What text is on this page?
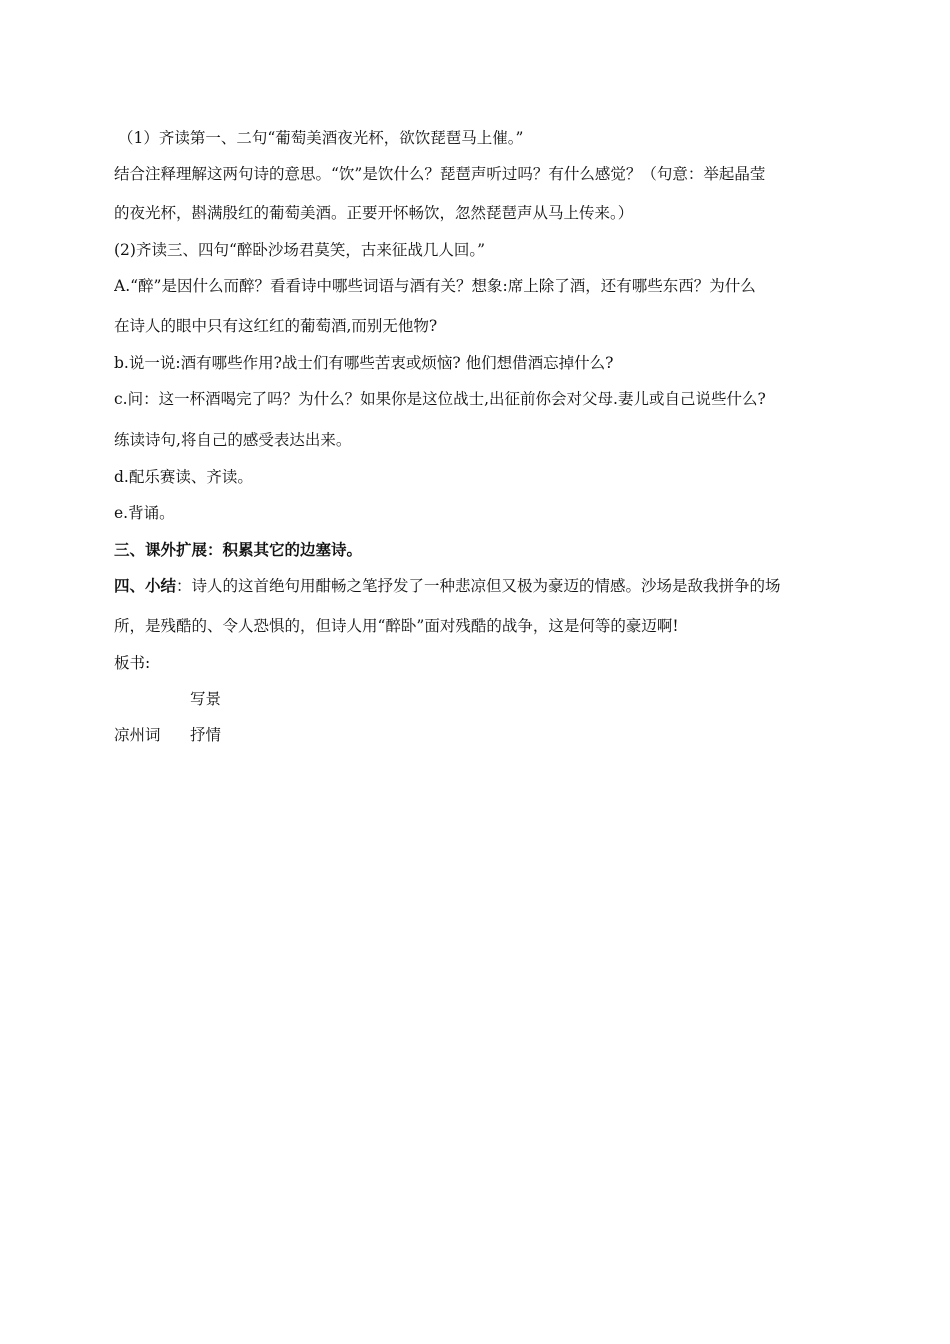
（1）齐读第一、二句“葡萄美酒夜光杯，欲饮琵琶马上催。”
结合注释理解这两句诗的意思。“饮”是饮什么？琵琶声听过吗？有什么感觉？（句意：举起晶莹
的夜光杯，斟满殷红的葡萄美酒。正要开怀畅饮，忽然琵琶声从马上传来。）
(2)齐读三、四句“醉卧沙场君莫笑，古来征战几人回。”
A.“醉”是因什么而醉？看看诗中哪些词语与酒有关？想象:席上除了酒，还有哪些东西？为什么
在诗人的眼中只有这红红的葡萄酒,而别无他物?
b.说一说:酒有哪些作用?战士们有哪些苦衷或烦恼? 他们想借酒忘掉什么?
c.问：这一杯酒喝完了吗？为什么？如果你是这位战士,出征前你会对父母.妻儿或自己说些什么?
练读诗句,将自己的感受表达出来。
d.配乐赛读、齐读。
e.背诵。
三、课外扩展：积累其它的边塞诗。
四、小结：诗人的这首绝句用酣畅之笔抒发了一种悲凉但又极为豪迈的情感。沙场是敌我拼争的场
所，是残酷的、令人恐惧的，但诗人用“醉卧”面对残酷的战争，这是何等的豪迈啊!
板书:
写景
凉州词	抒情
